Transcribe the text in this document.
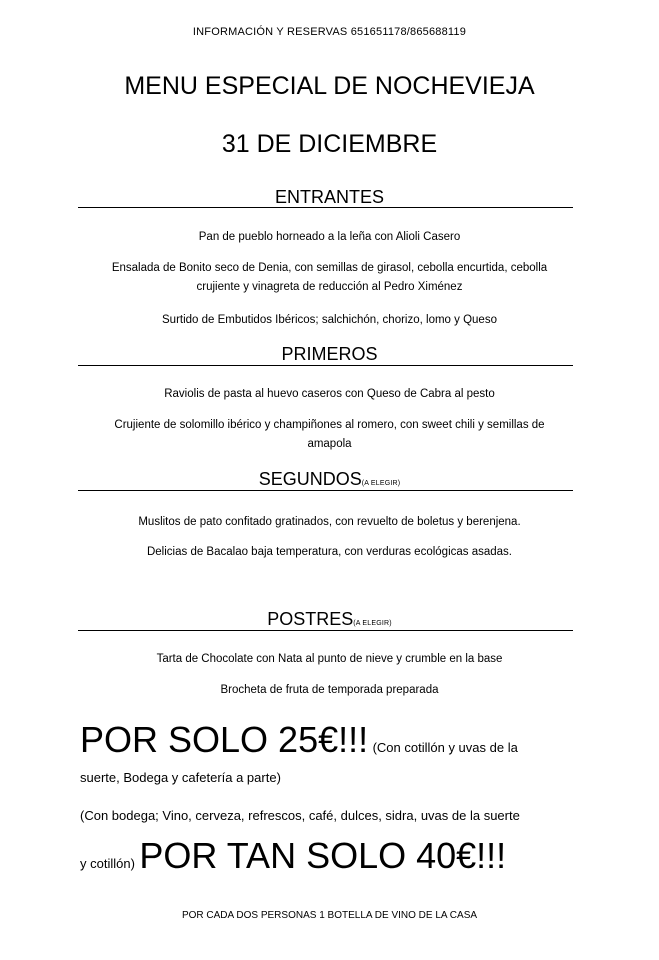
INFORMACIÓN Y RESERVAS 651651178/865688119
MENU ESPECIAL DE NOCHEVIEJA
31 DE DICIEMBRE
ENTRANTES
Pan de pueblo horneado a la leña con Alioli Casero
Ensalada de Bonito seco de Denia, con semillas de girasol, cebolla encurtida, cebolla
crujiente y vinagreta de reducción al Pedro Ximénez
Surtido de Embutidos Ibéricos; salchichón, chorizo, lomo y Queso
PRIMEROS
Raviolis de pasta al huevo caseros con Queso de Cabra al pesto
Crujiente de solomillo ibérico y champiñones al romero, con sweet chili y semillas de
amapola
SEGUNDOS(A ELEGIR)
Muslitos de pato confitado gratinados, con revuelto de boletus y berenjena.
Delicias de Bacalao baja temperatura, con verduras ecológicas asadas.
POSTRES(A ELEGIR)
Tarta de Chocolate con Nata al punto de nieve y crumble en la base
Brocheta de fruta de temporada preparada
POR SOLO 25€!!! (Con cotillón y uvas de la
suerte, Bodega y cafetería a parte)
(Con bodega; Vino, cerveza, refrescos, café, dulces, sidra, uvas de la suerte
y cotillón) POR TAN SOLO 40€!!!
POR CADA DOS PERSONAS 1 BOTELLA DE VINO DE LA CASA
